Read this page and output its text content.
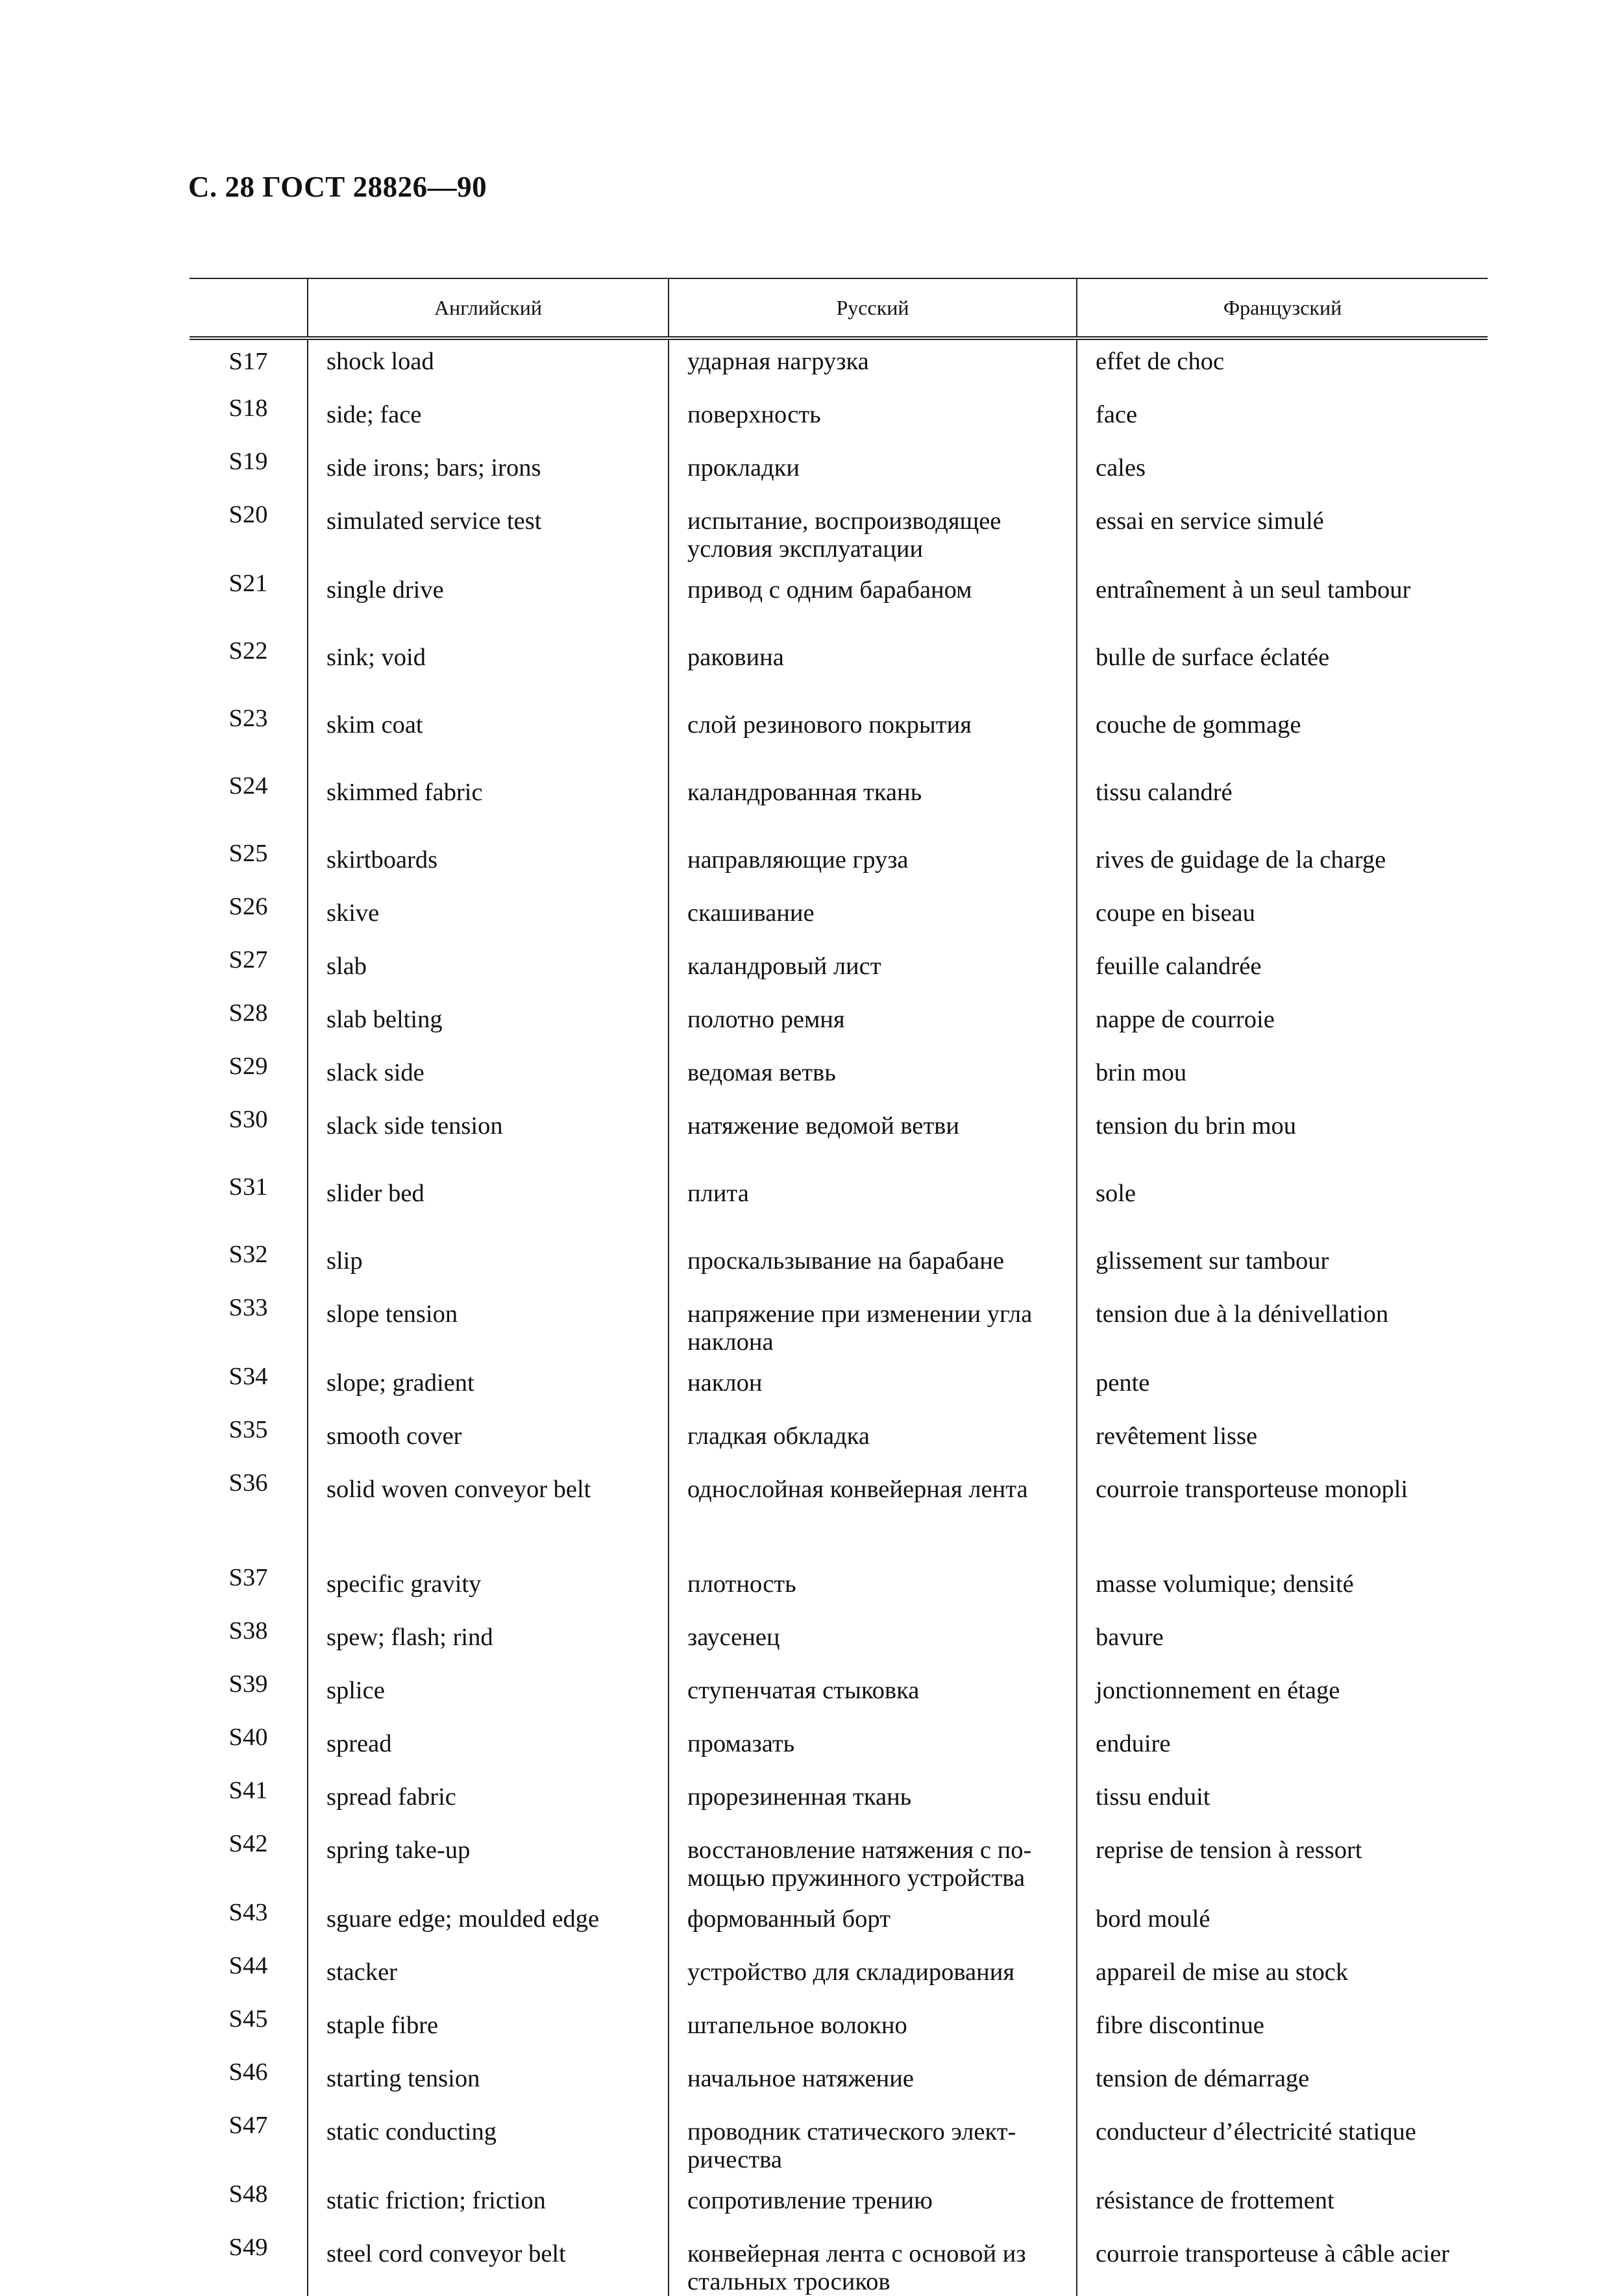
С. 28 ГОСТ 28826—90
	Английский	Русский	Французский
S17	shock load	ударная нагрузка	effet de choc
S18	side; face	поверхность	face
S19	side irons; bars; irons	прокладки	cales
S20	simulated service test	испытание, воспроизводящее условия эксплуатации	essai en service simulé
S21	single drive	привод с одним барабаном	entraînement à un seul tambour
S22	sink; void	раковина	bulle de surface éclatée
S23	skim coat	слой резинового покрытия	couche de gommage
S24	skimmed fabric	каландрованная ткань	tissu calandré
S25	skirtboards	направляющие груза	rives de guidage de la charge
S26	skive	скашивание	coupe en biseau
S27	slab	каландровый лист	feuille calandrée
S28	slab belting	полотно ремня	nappe de courroie
S29	slack side	ведомая ветвь	brin mou
S30	slack side tension	натяжение ведомой ветви	tension du brin mou
S31	slider bed	плита	sole
S32	slip	проскальзывание на барабане	glissement sur tambour
S33	slope tension	напряжение при изменении угла наклона	tension due à la dénivellation
S34	slope; gradient	наклон	pente
S35	smooth cover	гладкая обкладка	revêtement lisse
S36	solid woven conveyor belt	однослойная конвейерная лента	courroie transporteuse monopli
S37	specific gravity	плотность	masse volumique; densité
S38	spew; flash; rind	заусенец	bavure
S39	splice	ступенчатая стыковка	jonctionnement en étage
S40	spread	промазать	enduire
S41	spread fabric	прорезиненная ткань	tissu enduit
S42	spring take-up	восстановление натяжения с по-мощью пружинного устройства	reprise de tension à ressort
S43	sguare edge; moulded edge	формованный борт	bord moulé
S44	stacker	устройство для складирования	appareil de mise au stock
S45	staple fibre	штапельное волокно	fibre discontinue
S46	starting tension	начальное натяжение	tension de démarrage
S47	static conducting	проводник статического элект-ричества	conducteur d’électricité statique
S48	static friction; friction	сопротивление трению	résistance de frottement
S49	steel cord conveyor belt	конвейерная лента с основой из стальных тросиков	courroie transporteuse à câble acier
